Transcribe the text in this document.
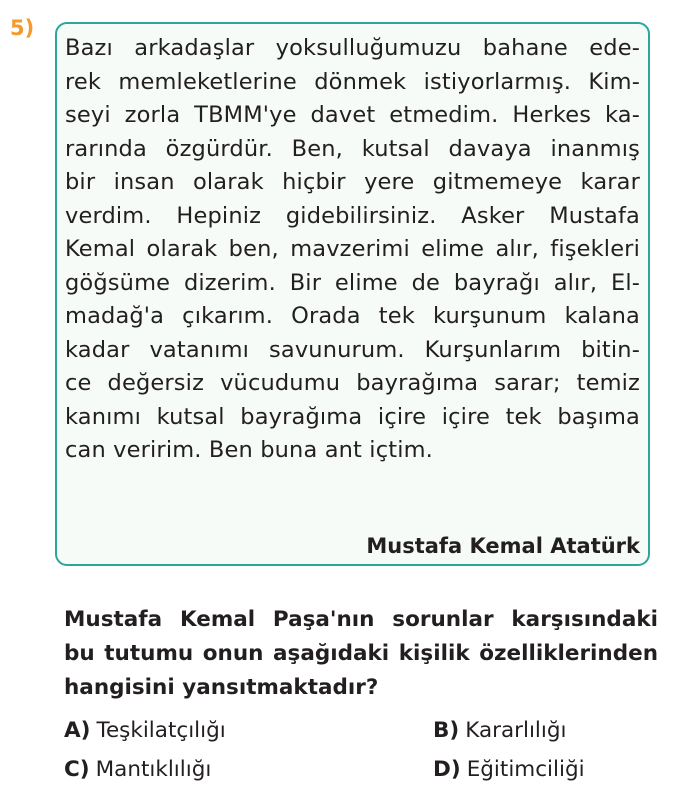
5)

Bazı arkadaşlar yoksulluğumuzu bahane ede-
rek memleketlerine dönmek istiyorlarmış. Kim-
seyi zorla TBMM'ye davet etmedim. Herkes ka-
rarında özgürdür. Ben, kutsal davaya inanmış
bir insan olarak hiçbir yere gitmemeye karar
verdim. Hepiniz gidebilirsiniz. Asker Mustafa
Kemal olarak ben, mavzerimi elime alır, fişekleri
göğsüme dizerim. Bir elime de bayrağı alır, El-
madağ'a çıkarım. Orada tek kurşunum kalana
kadar vatanımı savunurum. Kurşunlarım bitin-
ce değersiz vücudumu bayrağıma sarar; temiz
kanımı kutsal bayrağıma içire içire tek başıma
can veririm. Ben buna ant içtim.

Mustafa Kemal Atatürk

Mustafa Kemal Paşa'nın sorunlar karşısındaki
bu tutumu onun aşağıdaki kişilik özelliklerinden
hangisini yansıtmaktadır?

A) Teşkilatçılığı	B) Kararlılığı
C) Mantıklılığı	D) Eğitimciliği
